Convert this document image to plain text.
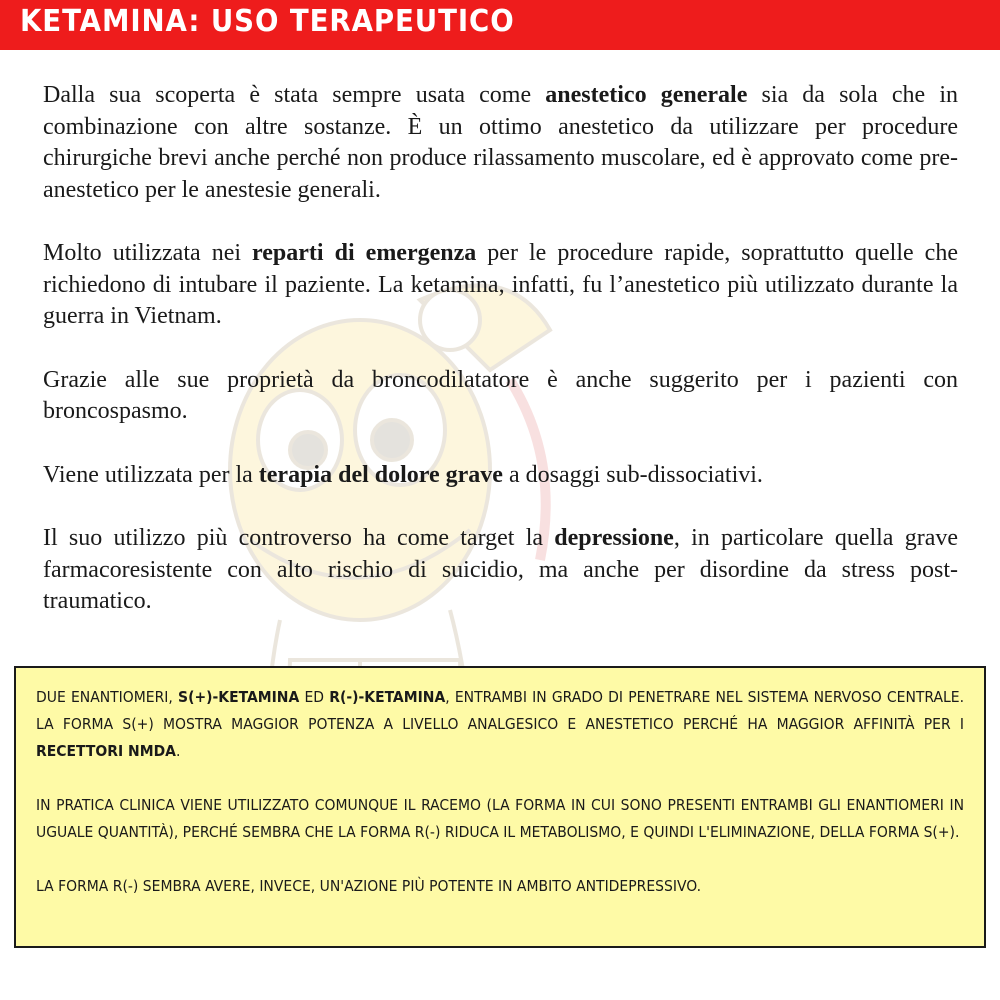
KETAMINA: USO TERAPEUTICO

Dalla sua scoperta è stata sempre usata come anestetico generale sia da sola che in combinazione con altre sostanze. È un ottimo anestetico da utilizzare per procedure chirurgiche brevi anche perché non produce rilassamento muscolare, ed è approvato come pre-anestetico per le anestesie generali.

Molto utilizzata nei reparti di emergenza per le procedure rapide, soprattutto quelle che richiedono di intubare il paziente. La ketamina, infatti, fu l’anestetico più utilizzato durante la guerra in Vietnam.

Grazie alle sue proprietà da broncodilatatore è anche suggerito per i pazienti con broncospasmo.

Viene utilizzata per la terapia del dolore grave a dosaggi sub-dissociativi.

Il suo utilizzo più controverso ha come target la depressione, in particolare quella grave farmacoresistente con alto rischio di suicidio, ma anche per disordine da stress post-traumatico.

DUE ENANTIOMERI, S(+)-KETAMINA ED R(-)-KETAMINA, ENTRAMBI IN GRADO DI PENETRARE NEL SISTEMA NERVOSO CENTRALE. LA FORMA S(+) MOSTRA MAGGIOR POTENZA A LIVELLO ANALGESICO E ANESTETICO PERCHÉ HA MAGGIOR AFFINITÀ PER I RECETTORI NMDA.

IN PRATICA CLINICA VIENE UTILIZZATO COMUNQUE IL RACEMO (LA FORMA IN CUI SONO PRESENTI ENTRAMBI GLI ENANTIOMERI IN UGUALE QUANTITÀ), PERCHÉ SEMBRA CHE LA FORMA R(-) RIDUCA IL METABOLISMO, E QUINDI L'ELIMINAZIONE, DELLA FORMA S(+).

LA FORMA R(-) SEMBRA AVERE, INVECE, UN'AZIONE PIÙ POTENTE IN AMBITO ANTIDEPRESSIVO.
